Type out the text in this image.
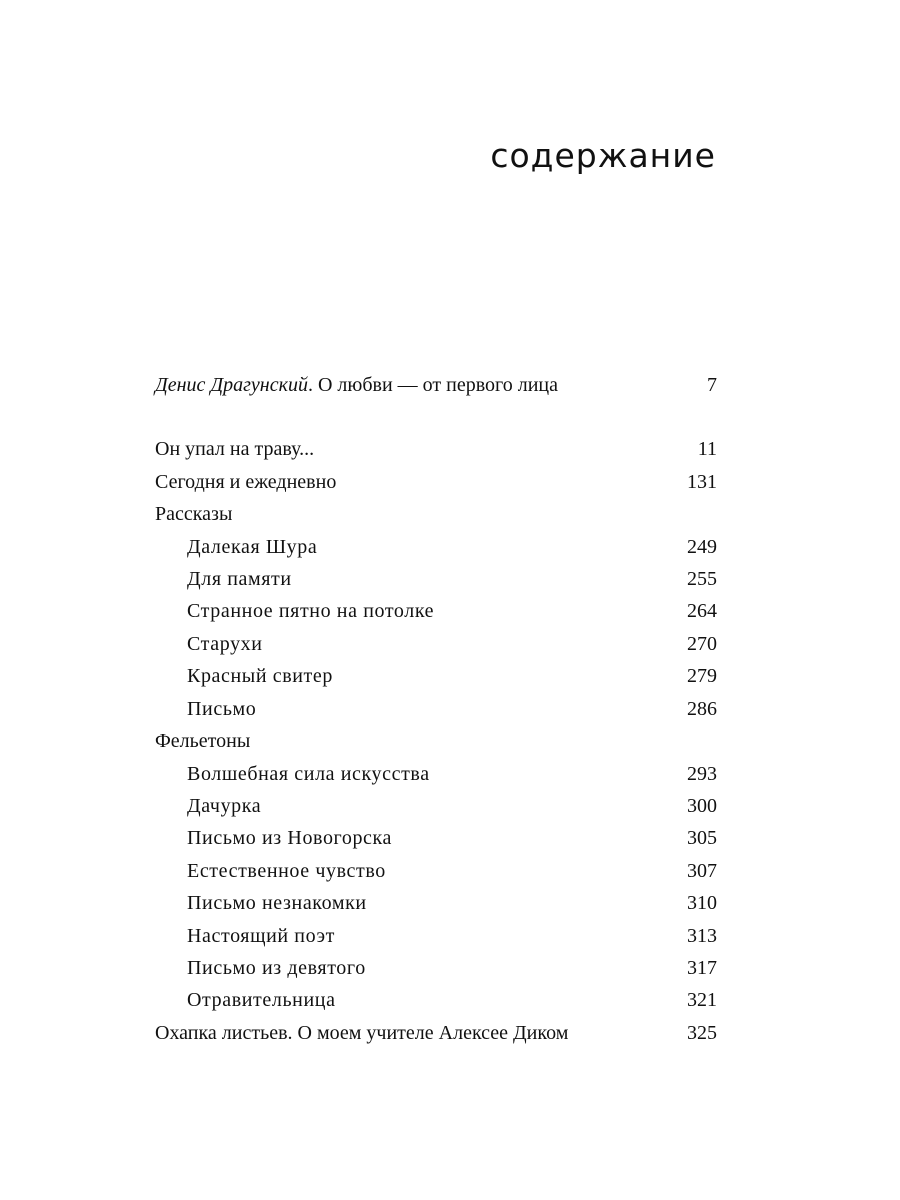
содержание
Денис Драгунский. О любви — от первого лица	7
Он упал на траву...	11
Сегодня и ежедневно	131
Рассказы
Далекая Шура	249
Для памяти	255
Странное пятно на потолке	264
Старухи	270
Красный свитер	279
Письмо	286
Фельетоны
Волшебная сила искусства	293
Дачурка	300
Письмо из Новогорска	305
Естественное чувство	307
Письмо незнакомки	310
Настоящий поэт	313
Письмо из девятого	317
Отравительница	321
Охапка листьев. О моем учителе Алексее Диком	325
